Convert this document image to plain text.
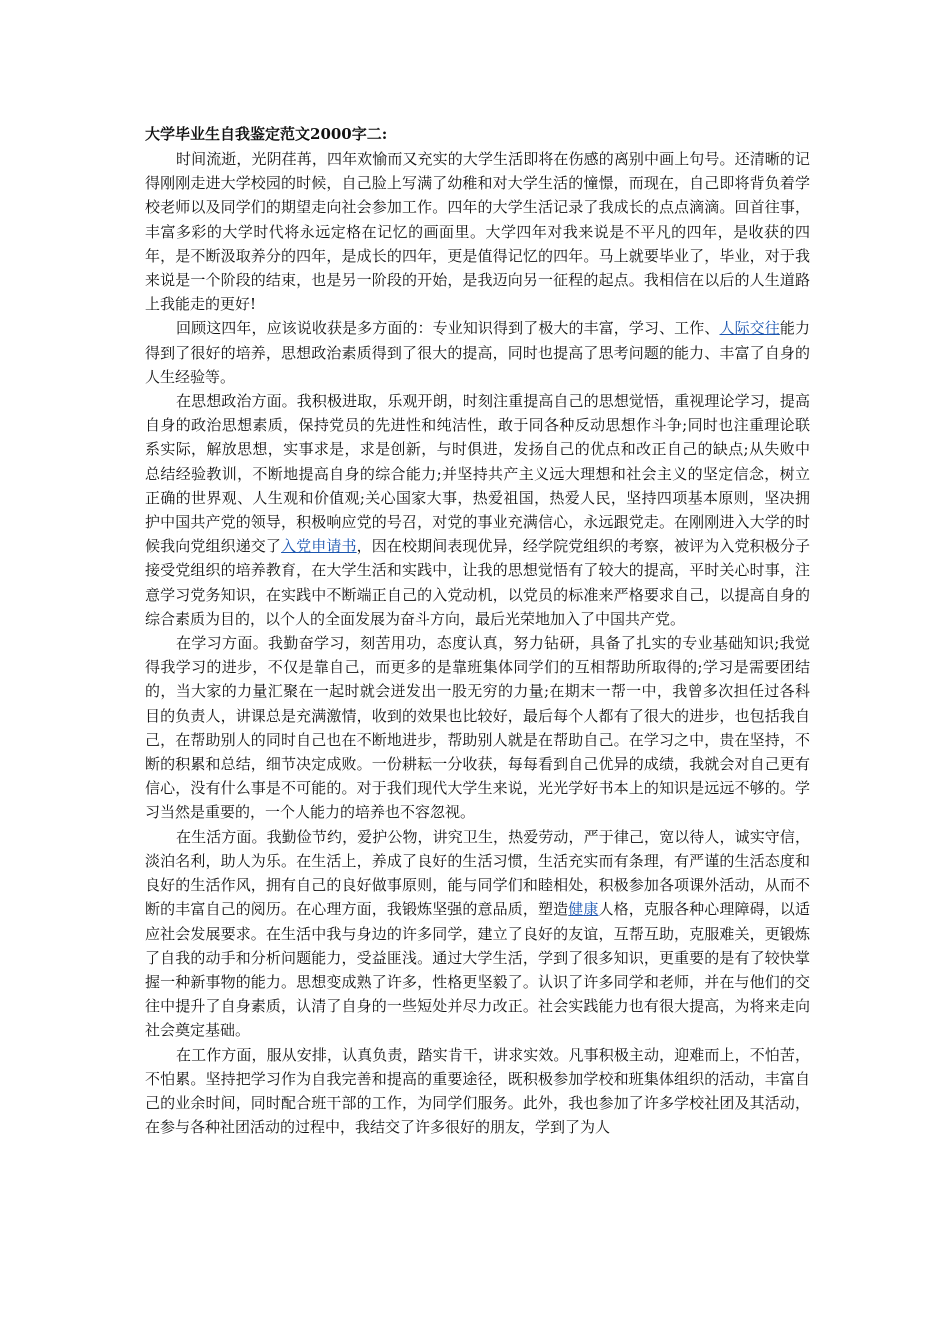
大学毕业生自我鉴定范文2000字二:

时间流逝，光阴荏苒，四年欢愉而又充实的大学生活即将在伤感的离别中画上句号。还清晰的记得刚刚走进大学校园的时候，自己脸上写满了幼稚和对大学生活的憧憬，而现在，自己即将背负着学校老师以及同学们的期望走向社会参加工作。四年的大学生活记录了我成长的点点滴滴。回首往事，丰富多彩的大学时代将永远定格在记忆的画面里。大学四年对我来说是不平凡的四年，是收获的四年，是不断汲取养分的四年，是成长的四年，更是值得记忆的四年。马上就要毕业了，毕业，对于我来说是一个阶段的结束，也是另一阶段的开始，是我迈向另一征程的起点。我相信在以后的人生道路上我能走的更好!

回顾这四年，应该说收获是多方面的：专业知识得到了极大的丰富，学习、工作、人际交往能力得到了很好的培养，思想政治素质得到了很大的提高，同时也提高了思考问题的能力、丰富了自身的人生经验等。

在思想政治方面。我积极进取，乐观开朗，时刻注重提高自己的思想觉悟，重视理论学习，提高自身的政治思想素质，保持党员的先进性和纯洁性，敢于同各种反动思想作斗争;同时也注重理论联系实际，解放思想，实事求是，求是创新，与时俱进，发扬自己的优点和改正自己的缺点;从失败中总结经验教训，不断地提高自身的综合能力;并坚持共产主义远大理想和社会主义的坚定信念，树立正确的世界观、人生观和价值观;关心国家大事，热爱祖国，热爱人民，坚持四项基本原则，坚决拥护中国共产党的领导，积极响应党的号召，对党的事业充满信心，永远跟党走。在刚刚进入大学的时候我向党组织递交了入党申请书，因在校期间表现优异，经学院党组织的考察，被评为入党积极分子接受党组织的培养教育，在大学生活和实践中，让我的思想觉悟有了较大的提高，平时关心时事，注意学习党务知识，在实践中不断端正自己的入党动机，以党员的标准来严格要求自己，以提高自身的综合素质为目的，以个人的全面发展为奋斗方向，最后光荣地加入了中国共产党。

在学习方面。我勤奋学习，刻苦用功，态度认真，努力钻研，具备了扎实的专业基础知识;我觉得我学习的进步，不仅是靠自己，而更多的是靠班集体同学们的互相帮助所取得的;学习是需要团结的，当大家的力量汇聚在一起时就会迸发出一股无穷的力量;在期末一帮一中，我曾多次担任过各科目的负责人，讲课总是充满激情，收到的效果也比较好，最后每个人都有了很大的进步，也包括我自己，在帮助别人的同时自己也在不断地进步，帮助别人就是在帮助自己。在学习之中，贵在坚持，不断的积累和总结，细节决定成败。一份耕耘一分收获，每每看到自己优异的成绩，我就会对自己更有信心，没有什么事是不可能的。对于我们现代大学生来说，光光学好书本上的知识是远远不够的。学习当然是重要的，一个人能力的培养也不容忽视。

在生活方面。我勤俭节约，爱护公物，讲究卫生，热爱劳动，严于律己，宽以待人，诚实守信，淡泊名利，助人为乐。在生活上，养成了良好的生活习惯，生活充实而有条理，有严谨的生活态度和良好的生活作风，拥有自己的良好做事原则，能与同学们和睦相处，积极参加各项课外活动，从而不断的丰富自己的阅历。在心理方面，我锻炼坚强的意品质，塑造健康人格，克服各种心理障碍，以适应社会发展要求。在生活中我与身边的许多同学，建立了良好的友谊，互帮互助，克服难关，更锻炼了自我的动手和分析问题能力，受益匪浅。通过大学生活，学到了很多知识，更重要的是有了较快掌握一种新事物的能力。思想变成熟了许多，性格更坚毅了。认识了许多同学和老师，并在与他们的交往中提升了自身素质，认清了自身的一些短处并尽力改正。社会实践能力也有很大提高，为将来走向社会奠定基础。

在工作方面，服从安排，认真负责，踏实肯干，讲求实效。凡事积极主动，迎难而上，不怕苦，不怕累。坚持把学习作为自我完善和提高的重要途径，既积极参加学校和班集体组织的活动，丰富自己的业余时间，同时配合班干部的工作，为同学们服务。此外，我也参加了许多学校社团及其活动，在参与各种社团活动的过程中，我结交了许多很好的朋友，学到了为人
